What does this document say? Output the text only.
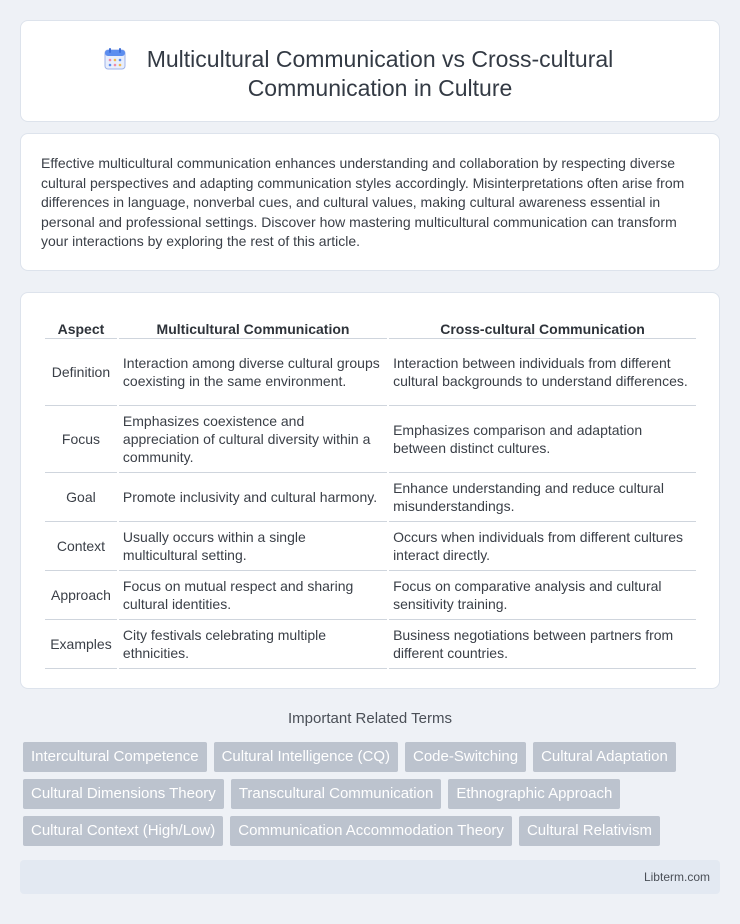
Multicultural Communication vs Cross-cultural Communication in Culture

Effective multicultural communication enhances understanding and collaboration by respecting diverse cultural perspectives and adapting communication styles accordingly. Misinterpretations often arise from differences in language, nonverbal cues, and cultural values, making cultural awareness essential in personal and professional settings. Discover how mastering multicultural communication can transform your interactions by exploring the rest of this article.

Aspect	Multicultural Communication	Cross-cultural Communication
Definition	Interaction among diverse cultural groups coexisting in the same environment.	Interaction between individuals from different cultural backgrounds to understand differences.
Focus	Emphasizes coexistence and appreciation of cultural diversity within a community.	Emphasizes comparison and adaptation between distinct cultures.
Goal	Promote inclusivity and cultural harmony.	Enhance understanding and reduce cultural misunderstandings.
Context	Usually occurs within a single multicultural setting.	Occurs when individuals from different cultures interact directly.
Approach	Focus on mutual respect and sharing cultural identities.	Focus on comparative analysis and cultural sensitivity training.
Examples	City festivals celebrating multiple ethnicities.	Business negotiations between partners from different countries.
Important Related Terms
Intercultural Competence	Cultural Intelligence (CQ)	Code-Switching	Cultural Adaptation
Cultural Dimensions Theory	Transcultural Communication	Ethnographic Approach
Cultural Context (High/Low)	Communication Accommodation Theory	Cultural Relativism
Libterm.com
